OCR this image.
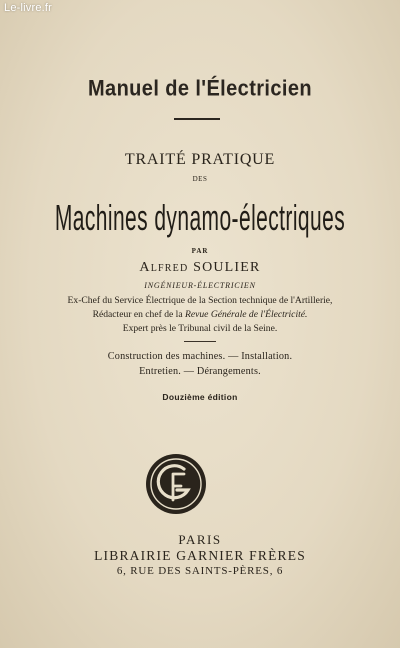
Le-livre.fr
Manuel de l'Électricien
TRAITÉ PRATIQUE
DES
Machines dynamo-électriques
PAR
Alfred SOULIER
INGÉNIEUR-ÉLECTRICIEN
Ex-Chef du Service Électrique de la Section technique de l'Artillerie,
Rédacteur en chef de la Revue Générale de l'Électricité.
Expert près le Tribunal civil de la Seine.
Construction des machines. — Installation.
Entretien. — Dérangements.
Douzième édition
PARIS
LIBRAIRIE GARNIER FRÈRES
6, RUE DES SAINTS-PÈRES, 6
